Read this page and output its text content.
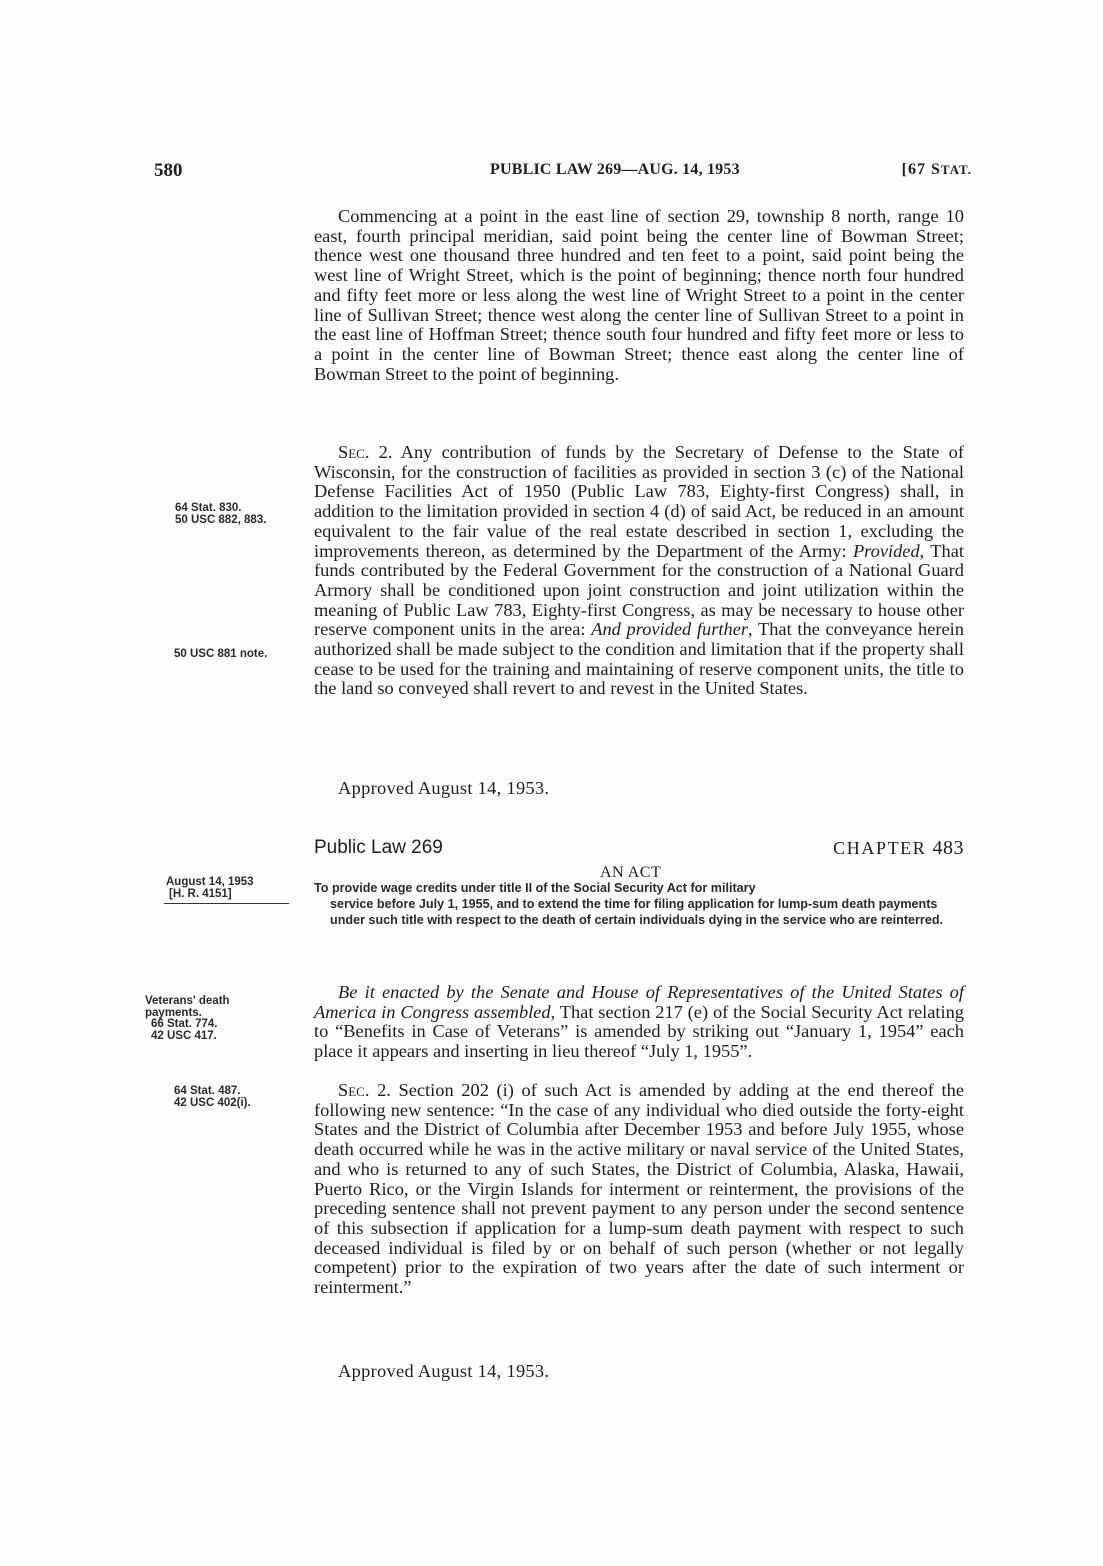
580	PUBLIC LAW 269—AUG. 14, 1953	[67 STAT.

Commencing at a point in the east line of section 29, township 8 north, range 10 east, fourth principal meridian, said point being the center line of Bowman Street; thence west one thousand three hundred and ten feet to a point, said point being the west line of Wright Street, which is the point of beginning; thence north four hundred and fifty feet more or less along the west line of Wright Street to a point in the center line of Sullivan Street; thence west along the center line of Sullivan Street to a point in the east line of Hoffman Street; thence south four hundred and fifty feet more or less to a point in the center line of Bowman Street; thence east along the center line of Bowman Street to the point of beginning.

Sec. 2. Any contribution of funds by the Secretary of Defense to the State of Wisconsin, for the construction of facilities as provided in section 3 (c) of the National Defense Facilities Act of 1950 (Public Law 783, Eighty-first Congress) shall, in addition to the limitation provided in section 4 (d) of said Act, be reduced in an amount equivalent to the fair value of the real estate described in section 1, excluding the improvements thereon, as determined by the Department of the Army: Provided, That funds contributed by the Federal Government for the construction of a National Guard Armory shall be conditioned upon joint construction and joint utilization within the meaning of Public Law 783, Eighty-first Congress, as may be necessary to house other reserve component units in the area: And provided further, That the conveyance herein authorized shall be made subject to the condition and limitation that if the property shall cease to be used for the training and maintaining of reserve component units, the title to the land so conveyed shall revert to and revest in the United States.

Approved August 14, 1953.

64 Stat. 830.
50 USC 882, 883.

50 USC 881 note.

Public Law 269	CHAPTER 483
AN ACT
August 14, 1953
[H. R. 4151]	To provide wage credits under title II of the Social Security Act for military
service before July 1, 1955, and to extend the time for filing application for lump-sum death payments under such title with respect to the death of certain individuals dying in the service who are reinterred.

Be it enacted by the Senate and House of Representatives of the United States of America in Congress assembled, That section 217 (e) of the Social Security Act relating to “Benefits in Case of Veterans” is amended by striking out “January 1, 1954” each place it appears and inserting in lieu thereof “July 1, 1955”.

Veterans' death
payments.
66 Stat. 774.
42 USC 417.

Sec. 2. Section 202 (i) of such Act is amended by adding at the end thereof the following new sentence: “In the case of any individual who died outside the forty-eight States and the District of Columbia after December 1953 and before July 1955, whose death occurred while he was in the active military or naval service of the United States, and who is returned to any of such States, the District of Columbia, Alaska, Hawaii, Puerto Rico, or the Virgin Islands for interment or reinterment, the provisions of the preceding sentence shall not prevent payment to any person under the second sentence of this subsection if application for a lump-sum death payment with respect to such deceased individual is filed by or on behalf of such person (whether or not legally competent) prior to the expiration of two years after the date of such interment or reinterment.”

64 Stat. 487.
42 USC 402(i).

Approved August 14, 1953.
